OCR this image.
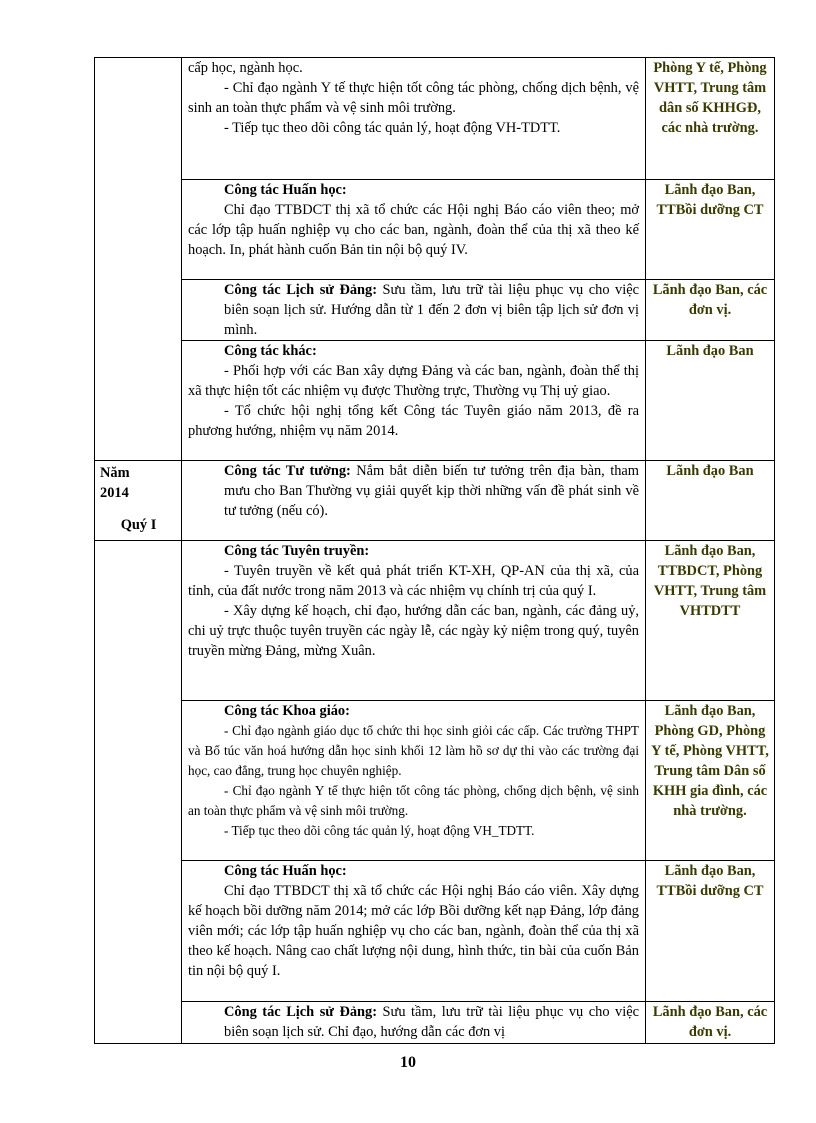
	cấp học, ngành học.
- Chỉ đạo ngành Y tế thực hiện tốt công tác phòng, chống dịch bệnh, vệ sinh an toàn thực phẩm và vệ sinh môi trường.
- Tiếp tục theo dõi công tác quản lý, hoạt động VH-TDTT.	Phòng Y tế, Phòng VHTT, Trung tâm dân số KHHGĐ, các nhà trường.

	Công tác Huấn học:
Chỉ đạo TTBDCT thị xã tổ chức các Hội nghị Báo cáo viên theo; mở các lớp tập huấn nghiệp vụ cho các ban, ngành, đoàn thể của thị xã theo kế hoạch. In, phát hành cuốn Bản tin nội bộ quý IV.	Lãnh đạo Ban, TTBồi dưỡng CT

	Công tác Lịch sử Đảng: Sưu tầm, lưu trữ tài liệu phục vụ cho việc biên soạn lịch sử. Hướng dẫn từ 1 đến 2 đơn vị biên tập lịch sử đơn vị mình.	Lãnh đạo Ban, các đơn vị.

	Công tác khác:
- Phối hợp với các Ban xây dựng Đảng và các ban, ngành, đoàn thể thị xã thực hiện tốt các nhiệm vụ được Thường trực, Thường vụ Thị uỷ giao.
- Tổ chức hội nghị tổng kết Công tác Tuyên giáo năm 2013, đề ra phương hướng, nhiệm vụ năm 2014.	Lãnh đạo Ban

Năm 2014
Quý I	Công tác Tư tưởng: Nắm bắt diễn biến tư tưởng trên địa bàn, tham mưu cho Ban Thường vụ giải quyết kịp thời những vấn đề phát sinh về tư tưởng (nếu có).	Lãnh đạo Ban

	Công tác Tuyên truyền:
- Tuyên truyền về kết quả phát triển KT-XH, QP-AN của thị xã, của tỉnh, của đất nước trong năm 2013 và các nhiệm vụ chính trị của quý I.
- Xây dựng kế hoạch, chỉ đạo, hướng dẫn các ban, ngành, các đảng uỷ, chi uỷ trực thuộc tuyên truyền các ngày lễ, các ngày kỷ niệm trong quý, tuyên truyền mừng Đảng, mừng Xuân.	Lãnh đạo Ban, TTBDCT, Phòng VHTT, Trung tâm VHTDTT

	Công tác Khoa giáo:
- Chỉ đạo ngành giáo dục tổ chức thi học sinh giỏi các cấp. Các trường THPT và Bổ túc văn hoá hướng dẫn học sinh khối 12 làm hồ sơ dự thi vào các trường đại học, cao đẳng, trung học chuyên nghiệp.
- Chỉ đạo ngành Y tế thực hiện tốt công tác phòng, chống dịch bệnh, vệ sinh an toàn thực phẩm và vệ sinh môi trường.
- Tiếp tục theo dõi công tác quản lý, hoạt động VH_TDTT.	Lãnh đạo Ban, Phòng GD, Phòng Y tế, Phòng VHTT, Trung tâm Dân số KHH gia đình, các nhà trường.

	Công tác Huấn học:
Chỉ đạo TTBDCT thị xã tổ chức các Hội nghị Báo cáo viên. Xây dựng kế hoạch bồi dưỡng năm 2014; mở các lớp Bồi dưỡng kết nạp Đảng, lớp đảng viên mới; các lớp tập huấn nghiệp vụ cho các ban, ngành, đoàn thể của thị xã theo kế hoạch. Nâng cao chất lượng nội dung, hình thức, tin bài của cuốn Bản tin nội bộ quý I.	Lãnh đạo Ban, TTBồi dưỡng CT

	Công tác Lịch sử Đảng: Sưu tầm, lưu trữ tài liệu phục vụ cho việc biên soạn lịch sử. Chỉ đạo, hướng dẫn các đơn vị	Lãnh đạo Ban, các đơn vị.
10
